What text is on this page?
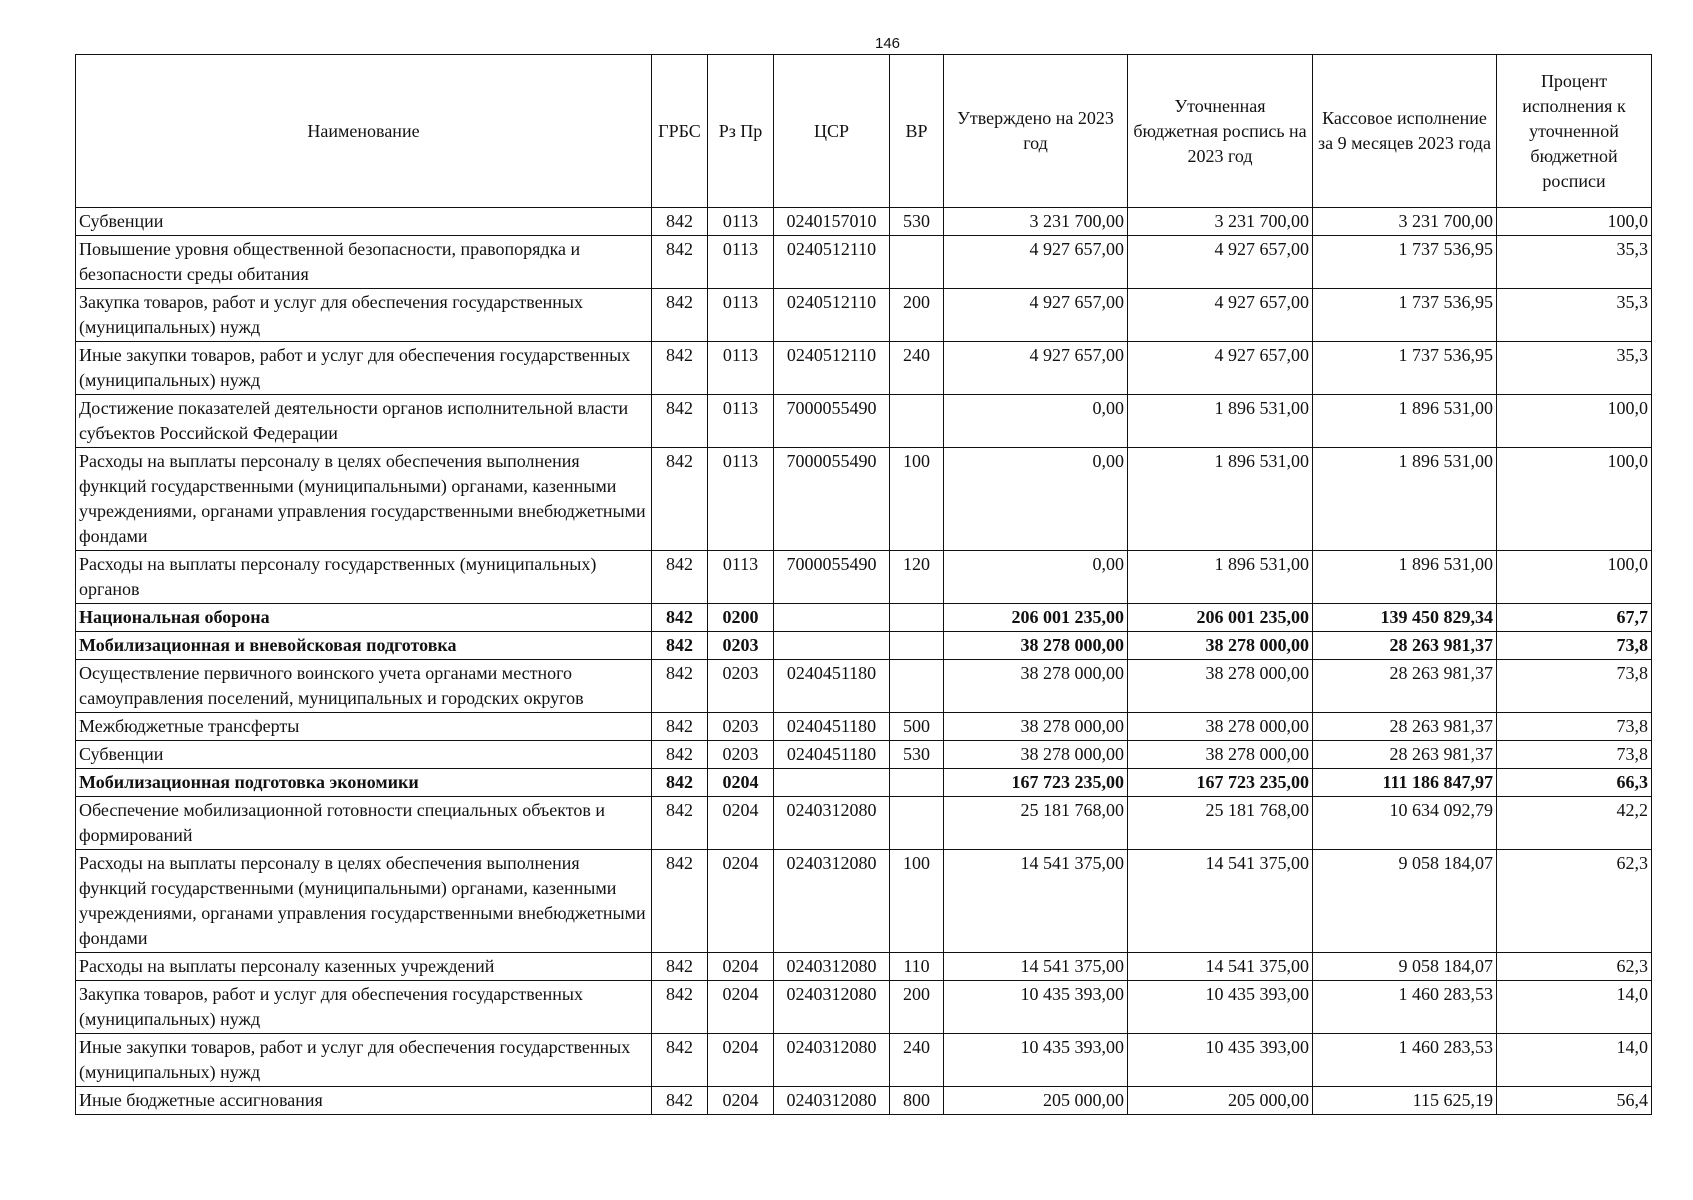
146
Наименование	ГРБС	Рз Пр	ЦСР	ВР	Утверждено на 2023 год	Уточненная бюджетная роспись на 2023 год	Кассовое исполнение за 9 месяцев 2023 года	Процент исполнения к уточненной бюджетной росписи
Субвенции	842	0113	0240157010	530	3 231 700,00	3 231 700,00	3 231 700,00	100,0
Повышение уровня общественной безопасности, правопорядка и безопасности среды обитания	842	0113	0240512110		4 927 657,00	4 927 657,00	1 737 536,95	35,3
Закупка товаров, работ и услуг для обеспечения государственных (муниципальных) нужд	842	0113	0240512110	200	4 927 657,00	4 927 657,00	1 737 536,95	35,3
Иные закупки товаров, работ и услуг для обеспечения государственных (муниципальных) нужд	842	0113	0240512110	240	4 927 657,00	4 927 657,00	1 737 536,95	35,3
Достижение показателей деятельности органов исполнительной власти субъектов Российской Федерации	842	0113	7000055490		0,00	1 896 531,00	1 896 531,00	100,0
Расходы на выплаты персоналу в целях обеспечения выполнения функций государственными (муниципальными) органами, казенными учреждениями, органами управления государственными внебюджетными фондами	842	0113	7000055490	100	0,00	1 896 531,00	1 896 531,00	100,0
Расходы на выплаты персоналу государственных (муниципальных) органов	842	0113	7000055490	120	0,00	1 896 531,00	1 896 531,00	100,0
Национальная оборона	842	0200			206 001 235,00	206 001 235,00	139 450 829,34	67,7
Мобилизационная и вневойсковая подготовка	842	0203			38 278 000,00	38 278 000,00	28 263 981,37	73,8
Осуществление первичного воинского учета органами местного самоуправления поселений, муниципальных и городских округов	842	0203	0240451180		38 278 000,00	38 278 000,00	28 263 981,37	73,8
Межбюджетные трансферты	842	0203	0240451180	500	38 278 000,00	38 278 000,00	28 263 981,37	73,8
Субвенции	842	0203	0240451180	530	38 278 000,00	38 278 000,00	28 263 981,37	73,8
Мобилизационная подготовка экономики	842	0204			167 723 235,00	167 723 235,00	111 186 847,97	66,3
Обеспечение мобилизационной готовности специальных объектов и формирований	842	0204	0240312080		25 181 768,00	25 181 768,00	10 634 092,79	42,2
Расходы на выплаты персоналу в целях обеспечения выполнения функций государственными (муниципальными) органами, казенными учреждениями, органами управления государственными внебюджетными фондами	842	0204	0240312080	100	14 541 375,00	14 541 375,00	9 058 184,07	62,3
Расходы на выплаты персоналу казенных учреждений	842	0204	0240312080	110	14 541 375,00	14 541 375,00	9 058 184,07	62,3
Закупка товаров, работ и услуг для обеспечения государственных (муниципальных) нужд	842	0204	0240312080	200	10 435 393,00	10 435 393,00	1 460 283,53	14,0
Иные закупки товаров, работ и услуг для обеспечения государственных (муниципальных) нужд	842	0204	0240312080	240	10 435 393,00	10 435 393,00	1 460 283,53	14,0
Иные бюджетные ассигнования	842	0204	0240312080	800	205 000,00	205 000,00	115 625,19	56,4
